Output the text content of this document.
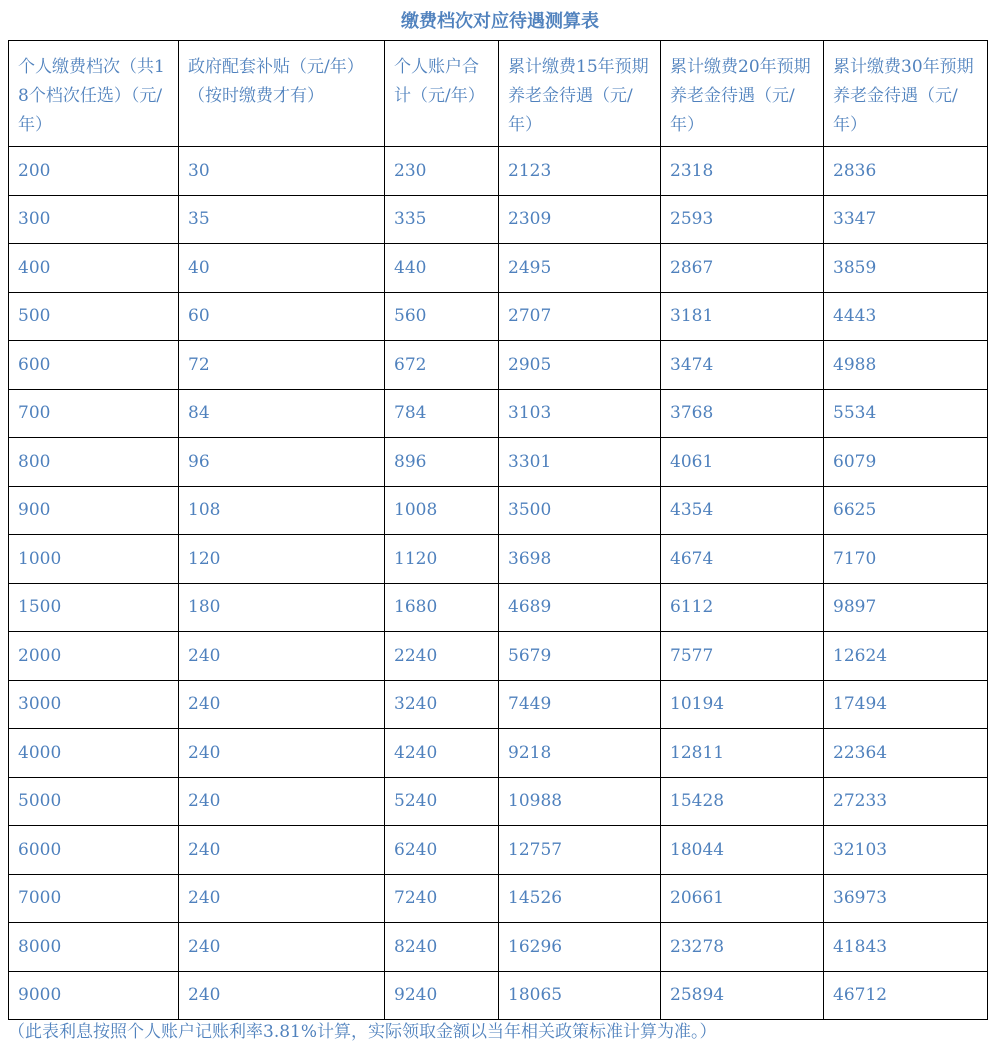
缴费档次对应待遇测算表
个人缴费档次（共18个档次任选）（元/年）	政府配套补贴（元/年）　（按时缴费才有）	个人账户合计（元/年）	累计缴费15年预期养老金待遇（元/年）	累计缴费20年预期养老金待遇（元/年）	累计缴费30年预期养老金待遇（元/年）
200	30	230	2123	2318	2836
300	35	335	2309	2593	3347
400	40	440	2495	2867	3859
500	60	560	2707	3181	4443
600	72	672	2905	3474	4988
700	84	784	3103	3768	5534
800	96	896	3301	4061	6079
900	108	1008	3500	4354	6625
1000	120	1120	3698	4674	7170
1500	180	1680	4689	6112	9897
2000	240	2240	5679	7577	12624
3000	240	3240	7449	10194	17494
4000	240	4240	9218	12811	22364
5000	240	5240	10988	15428	27233
6000	240	6240	12757	18044	32103
7000	240	7240	14526	20661	36973
8000	240	8240	16296	23278	41843
9000	240	9240	18065	25894	46712
（此表利息按照个人账户记账利率3.81%计算，实际领取金额以当年相关政策标准计算为准。）
